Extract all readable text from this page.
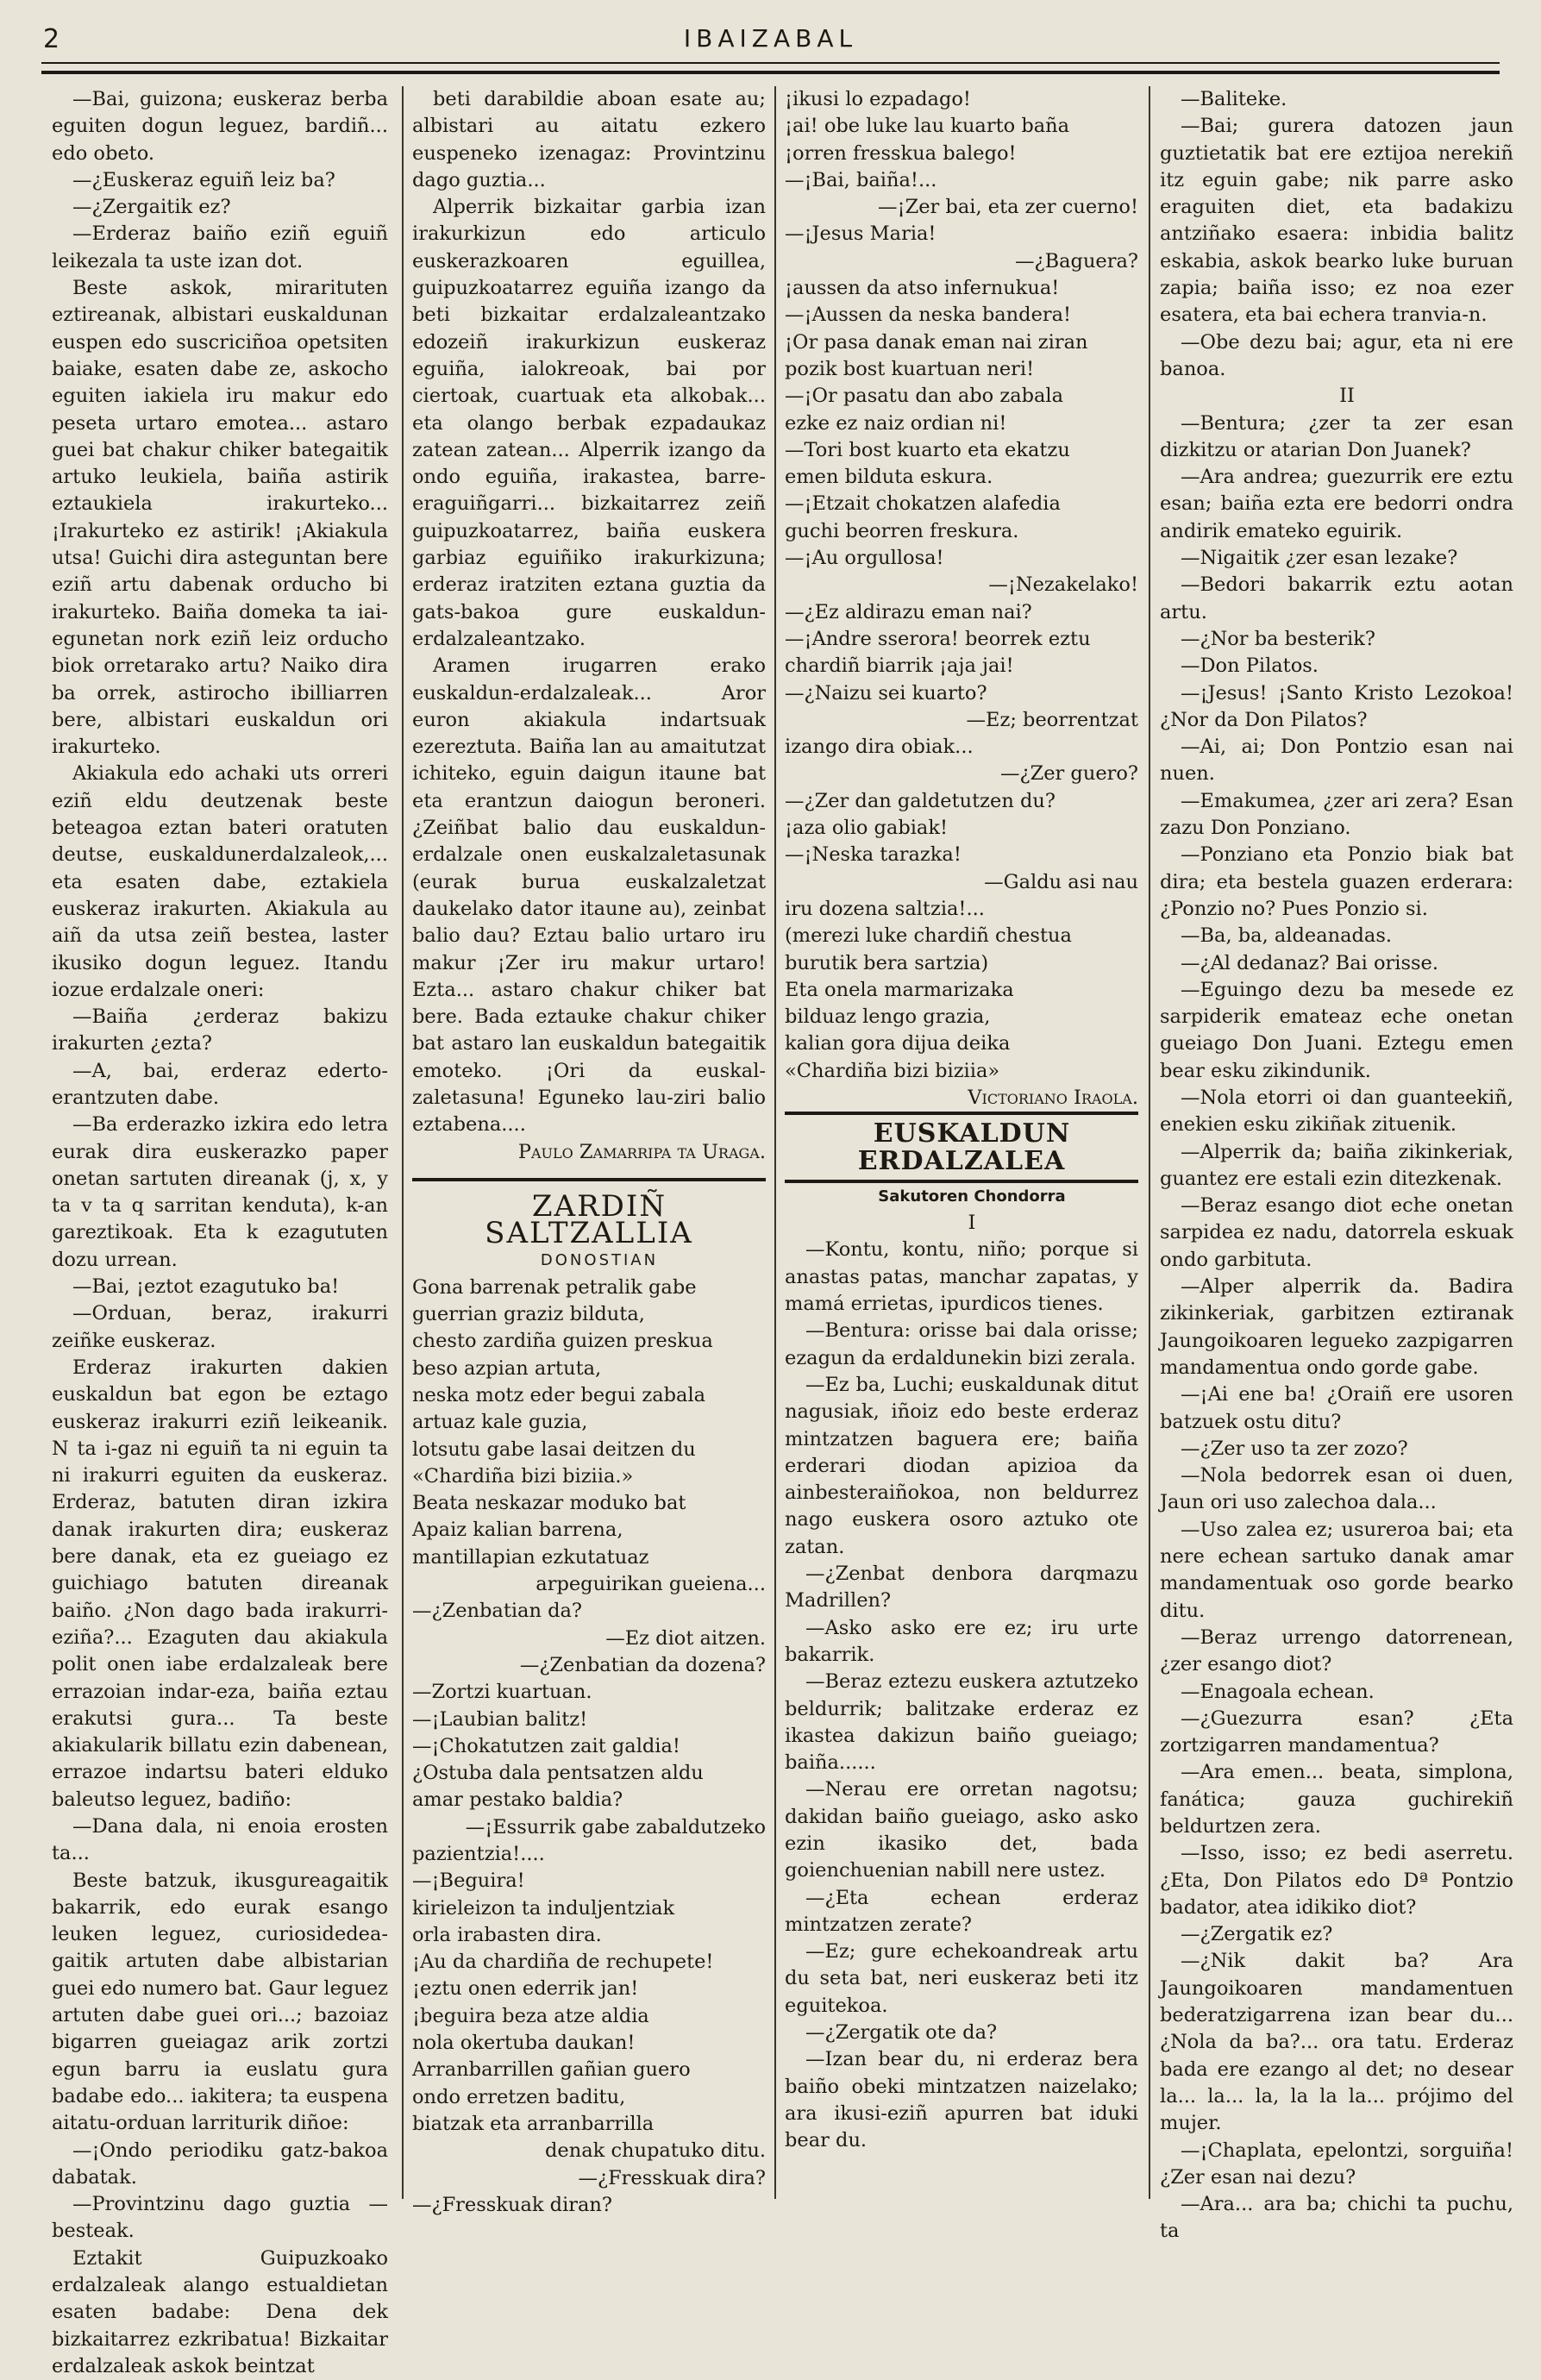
2	IBAIZABAL

—Bai, guizona; euskeraz berba eguiten dogun leguez, bardiñ... edo obeto.

—¿Euskeraz eguiñ leiz ba?

—¿Zergaitik ez?

—Erderaz baiño eziñ eguiñ leikezala ta uste izan dot.

Beste askok, mirarituten eztireanak, albistari euskaldunan euspen edo suscriciñoa opetsiten baiake, esaten dabe ze, askocho eguiten iakiela iru makur edo peseta urtaro emotea... astaro guei bat chakur chiker bategaitik artuko leukiela, baiña astirik eztaukiela irakurteko... ¡Irakurteko ez astirik! ¡Akiakula utsa! Guichi dira asteguntan bere eziñ artu dabenak orducho bi irakurteko. Baiña domeka ta iai-egunetan nork eziñ leiz orducho biok orretarako artu? Naiko dira ba orrek, astirocho ibilliarren bere, albistari euskaldun ori irakurteko.

Akiakula edo achaki uts orreri eziñ eldu deutzenak beste beteagoa eztan bateri oratuten deutse, euskaldunerdalzaleok,... eta esaten dabe, eztakiela euskeraz irakurten. Akiakula au aiñ da utsa zeiñ bestea, laster ikusiko dogun leguez. Itandu iozue erdalzale oneri:

—Baiña ¿erderaz bakizu irakurten ¿ezta?

—A, bai, erderaz ederto-erantzuten dabe.

—Ba erderazko izkira edo letra eurak dira euskerazko paper onetan sartuten direanak (j, x, y ta v ta q sarritan kenduta), k-an gareztikoak. Eta k ezagututen dozu urrean.

—Bai, ¡eztot ezagutuko ba!

—Orduan, beraz, irakurri zeiñke euskeraz.

Erderaz irakurten dakien euskaldun bat egon be eztago euskeraz irakurri eziñ leikeanik. N ta i-gaz ni eguiñ ta ni eguin ta ni irakurri eguiten da euskeraz. Erderaz, batuten diran izkira danak irakurten dira; euskeraz bere danak, eta ez gueiago ez guichiago batuten direanak baiño. ¿Non dago bada irakurri-eziña?... Ezaguten dau akiakula polit onen iabe erdalzaleak bere errazoian indar-eza, baiña eztau erakutsi gura... Ta beste akiakularik billatu ezin dabenean, errazoe indartsu bateri elduko baleutso leguez, badiño:

—Dana dala, ni enoia erosten ta...

Beste batzuk, ikusgureagaitik bakarrik, edo eurak esango leuken leguez, curiosidedea-gaitik artuten dabe albistarian guei edo numero bat. Gaur leguez artuten dabe guei ori...; bazoiaz bigarren gueiagaz arik zortzi egun barru ia euslatu gura badabe edo... iakitera; ta euspena aitatu-orduan larriturik diñoe:

—¡Ondo periodiku gatz-bakoa dabatak.

—Provintzinu dago guztia — besteak.

Eztakit Guipuzkoako erdalzaleak alango estualdietan esaten badabe: Dena dek bizkaitarrez ezkribatua! Bizkaitar erdalzaleak askok beintzat

beti darabildie aboan esate au; albistari au aitatu ezkero euspeneko izenagaz: Provintzinu dago guztia...

Alperrik bizkaitar garbia izan irakurkizun edo articulo euskerazkoaren eguillea, guipuzkoatarrez eguiña izango da beti bizkaitar erdalzaleantzako edozeiñ irakurkizun euskeraz eguiña, ialokreoak, bai por ciertoak, cuartuak eta alkobak... eta olango berbak ezpadaukaz zatean zatean... Alperrik izango da ondo eguiña, irakastea, barre-eraguiñgarri... bizkaitarrez zeiñ guipuzkoatarrez, baiña euskera garbiaz eguiñiko irakurkizuna; erderaz iratziten eztana guztia da gats-bakoa gure euskaldun-erdalzaleantzako.

Aramen irugarren erako euskaldun-erdalzaleak... Aror euron akiakula indartsuak ezereztuta. Baiña lan au amaitutzat ichiteko, eguin daigun itaune bat eta erantzun daiogun beroneri. ¿Zeiñbat balio dau euskaldun-erdalzale onen euskalzaletasunak (eurak burua euskalzaletzat daukelako dator itaune au), zeinbat balio dau? Eztau balio urtaro iru makur ¡Zer iru makur urtaro! Ezta... astaro chakur chiker bat bere. Bada eztauke chakur chiker bat astaro lan euskaldun bategaitik emoteko. ¡Ori da euskal-zaletasuna! Eguneko lau-ziri balio eztabena....

Paulo Zamarripa ta Uraga.

ZARDIÑ SALTZALLIA

DONOSTIAN

Gona barrenak petralik gabe

guerrian graziz bilduta,

chesto zardiña guizen preskua

beso azpian artuta,

neska motz eder begui zabala

artuaz kale guzia,

lotsutu gabe lasai deitzen du

«Chardiña bizi biziia.»

Beata neskazar moduko bat

Apaiz kalian barrena,

mantillapian ezkutatuaz

arpeguirikan gueiena...

—¿Zenbatian da?

—Ez diot aitzen.

—¿Zenbatian da dozena?

—Zortzi kuartuan.

—¡Laubian balitz!

—¡Chokatutzen zait galdia!

¿Ostuba dala pentsatzen aldu

amar pestako baldia?

—¡Essurrik gabe zabaldutzeko

pazientzia!....

—¡Beguira!

kirieleizon ta induljentziak

orla irabasten dira.

¡Au da chardiña de rechupete!

¡eztu onen ederrik jan!

¡beguira beza atze aldia

nola okertuba daukan!

Arranbarrillen gañian guero

ondo erretzen baditu,

biatzak eta arranbarrilla

denak chupatuko ditu.

—¿Fresskuak dira?

—¿Fresskuak diran?

¡ikusi lo ezpadago!

¡ai! obe luke lau kuarto baña

¡orren fresskua balego!

—¡Bai, baiña!...

—¡Zer bai, eta zer cuerno!

—¡Jesus Maria!

—¿Baguera?

¡aussen da atso infernukua!

—¡Aussen da neska bandera!

¡Or pasa danak eman nai ziran

pozik bost kuartuan neri!

—¡Or pasatu dan abo zabala

ezke ez naiz ordian ni!

—Tori bost kuarto eta ekatzu

emen bilduta eskura.

—¡Etzait chokatzen alafedia

guchi beorren freskura.

—¡Au orgullosa!

—¡Nezakelako!

—¿Ez aldirazu eman nai?

—¡Andre sserora! beorrek eztu

chardiñ biarrik ¡aja jai!

—¿Naizu sei kuarto?

—Ez; beorrentzat

izango dira obiak...

—¿Zer guero?

—¿Zer dan galdetutzen du?

¡aza olio gabiak!

—¡Neska tarazka!

—Galdu asi nau

iru dozena saltzia!...

(merezi luke chardiñ chestua

burutik bera sartzia)

Eta onela marmarizaka

bilduaz lengo grazia,

kalian gora dijua deika

«Chardiña bizi biziia»

Victoriano Iraola.

EUSKALDUN ERDALZALEA

Sakutoren Chondorra

I

—Kontu, kontu, niño; porque si anastas patas, manchar zapatas, y mamá errietas, ipurdicos tienes.

—Bentura: orisse bai dala orisse; ezagun da erdaldunekin bizi zerala.

—Ez ba, Luchi; euskaldunak ditut nagusiak, iñoiz edo beste erderaz mintzatzen baguera ere; baiña erderari diodan apizioa da ainbesteraiñokoa, non beldurrez nago euskera osoro aztuko ote zatan.

—¿Zenbat denbora darqmazu Madrillen?

—Asko asko ere ez; iru urte bakarrik.

—Beraz eztezu euskera aztutzeko beldurrik; balitzake erderaz ez ikastea dakizun baiño gueiago; baiña......

—Nerau ere orretan nagotsu; dakidan baiño gueiago, asko asko ezin ikasiko det, bada goienchuenian nabill nere ustez.

—¿Eta echean erderaz mintzatzen zerate?

—Ez; gure echekoandreak artu du seta bat, neri euskeraz beti itz eguitekoa.

—¿Zergatik ote da?

—Izan bear du, ni erderaz bera baiño obeki mintzatzen naizelako; ara ikusi-eziñ apurren bat iduki bear du.

—Baliteke.

—Bai; gurera datozen jaun guztietatik bat ere eztijoa nerekiñ itz eguin gabe; nik parre asko eraguiten diet, eta badakizu antziñako esaera: inbidia balitz eskabia, askok bearko luke buruan zapia; baiña isso; ez noa ezer esatera, eta bai echera tranvia-n.

—Obe dezu bai; agur, eta ni ere banoa.

II

—Bentura; ¿zer ta zer esan dizkitzu or atarian Don Juanek?

—Ara andrea; guezurrik ere eztu esan; baiña ezta ere bedorri ondra andirik emateko eguirik.

—Nigaitik ¿zer esan lezake?

—Bedori bakarrik eztu aotan artu.

—¿Nor ba besterik?

—Don Pilatos.

—¡Jesus! ¡Santo Kristo Lezokoa! ¿Nor da Don Pilatos?

—Ai, ai; Don Pontzio esan nai nuen.

—Emakumea, ¿zer ari zera? Esan zazu Don Ponziano.

—Ponziano eta Ponzio biak bat dira; eta bestela guazen erderara: ¿Ponzio no? Pues Ponzio si.

—Ba, ba, aldeanadas.

—¿Al dedanaz? Bai orisse.

—Eguingo dezu ba mesede ez sarpiderik emateaz eche onetan gueiago Don Juani. Eztegu emen bear esku zikindunik.

—Nola etorri oi dan guanteekiñ, enekien esku zikiñak zituenik.

—Alperrik da; baiña zikinkeriak, guantez ere estali ezin ditezkenak.

—Beraz esango diot eche onetan sarpidea ez nadu, datorrela eskuak ondo garbituta.

—Alper alperrik da. Badira zikinkeriak, garbitzen eztiranak Jaungoikoaren legueko zazpigarren mandamentua ondo gorde gabe.

—¡Ai ene ba! ¿Oraiñ ere usoren batzuek ostu ditu?

—¿Zer uso ta zer zozo?

—Nola bedorrek esan oi duen, Jaun ori uso zalechoa dala...

—Uso zalea ez; usureroa bai; eta nere echean sartuko danak amar mandamentuak oso gorde bearko ditu.

—Beraz urrengo datorrenean, ¿zer esango diot?

—Enagoala echean.

—¿Guezurra esan? ¿Eta zortzigarren mandamentua?

—Ara emen... beata, simplona, fanática; gauza guchirekiñ beldurtzen zera.

—Isso, isso; ez bedi aserretu. ¿Eta, Don Pilatos edo Dª Pontzio badator, atea idikiko diot?

—¿Zergatik ez?

—¿Nik dakit ba? Ara Jaungoikoaren mandamentuen bederatzigarrena izan bear du... ¿Nola da ba?... ora tatu. Erderaz bada ere ezango al det; no desear la... la... la, la la la... prójimo del mujer.

—¡Chaplata, epelontzi, sorguiña! ¿Zer esan nai dezu?

—Ara... ara ba; chichi ta puchu, ta
